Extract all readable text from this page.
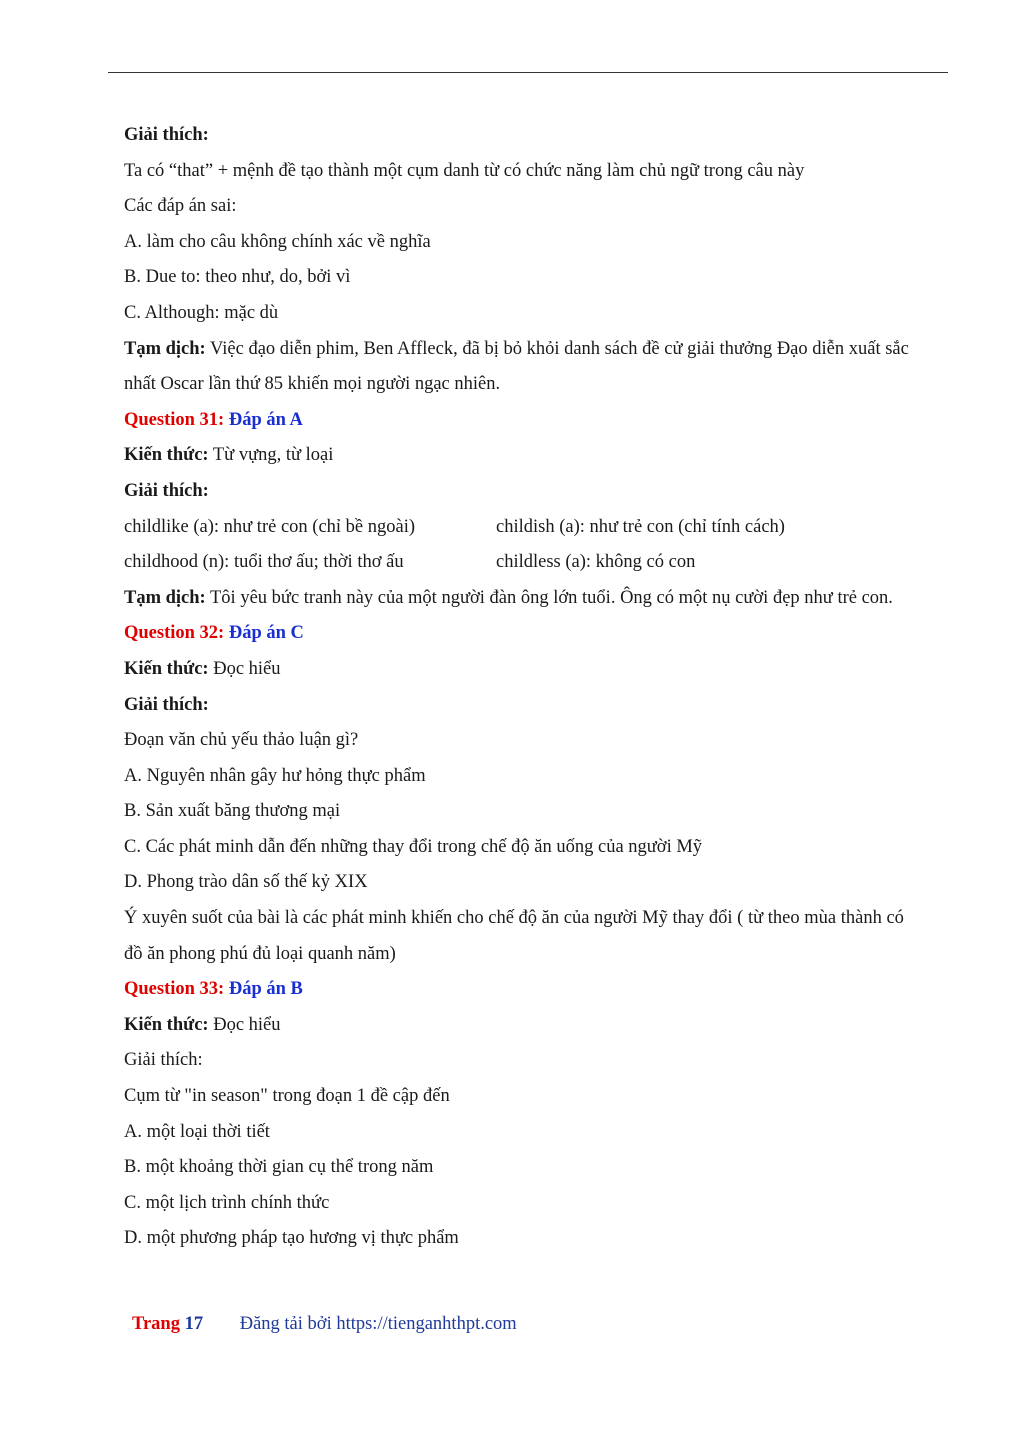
Giải thích:
Ta có “that” + mệnh đề tạo thành một cụm danh từ có chức năng làm chủ ngữ trong câu này
Các đáp án sai:
A. làm cho câu không chính xác về nghĩa
B. Due to: theo như, do, bởi vì
C. Although: mặc dù
Tạm dịch: Việc đạo diễn phim, Ben Affleck, đã bị bỏ khỏi danh sách đề cử giải thưởng Đạo diễn xuất sắc nhất Oscar lần thứ 85 khiến mọi người ngạc nhiên.
Question 31: Đáp án A
Kiến thức: Từ vựng, từ loại
Giải thích:
childlike (a): như trẻ con (chỉ bề ngoài)	childish (a): như trẻ con (chỉ tính cách)
childhood (n): tuổi thơ ấu; thời thơ ấu	childless (a): không có con
Tạm dịch: Tôi yêu bức tranh này của một người đàn ông lớn tuổi. Ông có một nụ cười đẹp như trẻ con.
Question 32: Đáp án C
Kiến thức: Đọc hiểu
Giải thích:
Đoạn văn chủ yếu thảo luận gì?
A. Nguyên nhân gây hư hỏng thực phẩm
B. Sản xuất băng thương mại
C. Các phát minh dẫn đến những thay đổi trong chế độ ăn uống của người Mỹ
D. Phong trào dân số thế kỷ XIX
Ý xuyên suốt của bài là các phát minh khiến cho chế độ ăn của người Mỹ thay đổi ( từ theo mùa thành có đồ ăn phong phú đủ loại quanh năm)
Question 33: Đáp án B
Kiến thức: Đọc hiểu
Giải thích:
Cụm từ "in season" trong đoạn 1 đề cập đến
A. một loại thời tiết
B. một khoảng thời gian cụ thể trong năm
C. một lịch trình chính thức
D. một phương pháp tạo hương vị thực phẩm
Trang 17 Đăng tải bởi https://tienganhthpt.com
